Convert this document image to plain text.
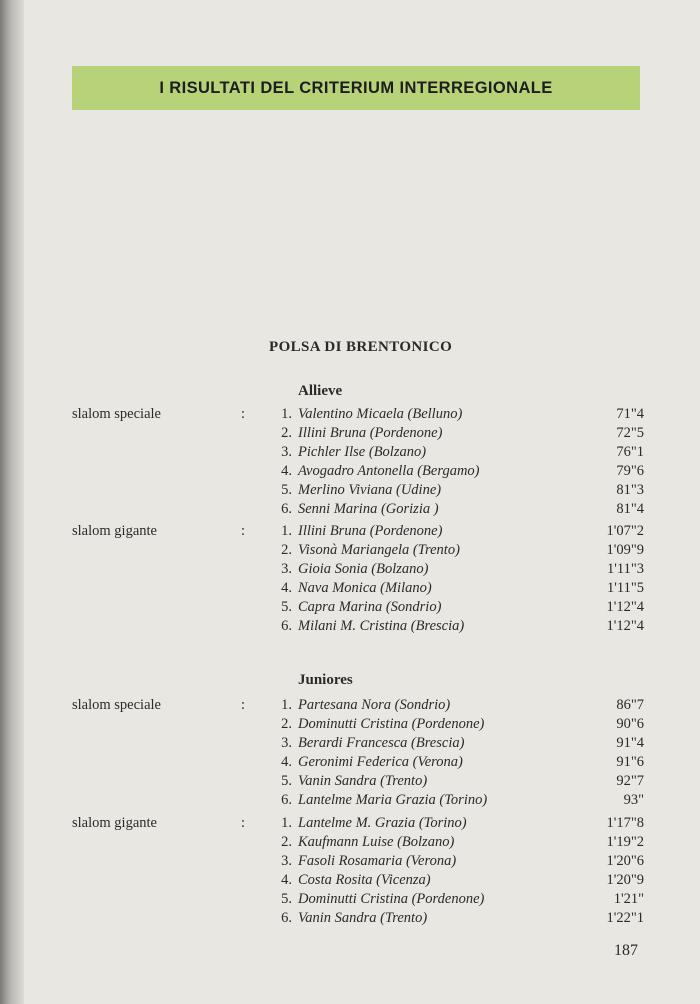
I RISULTATI DEL CRITERIUM INTERREGIONALE
POLSA DI BRENTONICO
Allieve
slalom speciale	:	1. Valentino Micaela (Belluno)	71"4
2. Illini Bruna (Pordenone)	72"5
3. Pichler Ilse (Bolzano)	76"1
4. Avogadro Antonella (Bergamo)	79"6
5. Merlino Viviana (Udine)	81"3
6. Senni Marina (Gorizia )	81"4
slalom gigante	:	1. Illini Bruna (Pordenone)	1'07"2
2. Visonà Mariangela (Trento)	1'09"9
3. Gioia Sonia (Bolzano)	1'11"3
4. Nava Monica (Milano)	1'11"5
5. Capra Marina (Sondrio)	1'12"4
6. Milani M. Cristina (Brescia)	1'12"4
Juniores
slalom speciale	:	1. Partesana Nora (Sondrio)	86"7
2. Dominutti Cristina (Pordenone)	90"6
3. Berardi Francesca (Brescia)	91"4
4. Geronimi Federica (Verona)	91"6
5. Vanin Sandra (Trento)	92"7
6. Lantelme Maria Grazia (Torino)	93"
slalom gigante	:	1. Lantelme M. Grazia (Torino)	1'17"8
2. Kaufmann Luise (Bolzano)	1'19"2
3. Fasoli Rosamaria (Verona)	1'20"6
4. Costa Rosita (Vicenza)	1'20"9
5. Dominutti Cristina (Pordenone)	1'21"
6. Vanin Sandra (Trento)	1'22"1
187
